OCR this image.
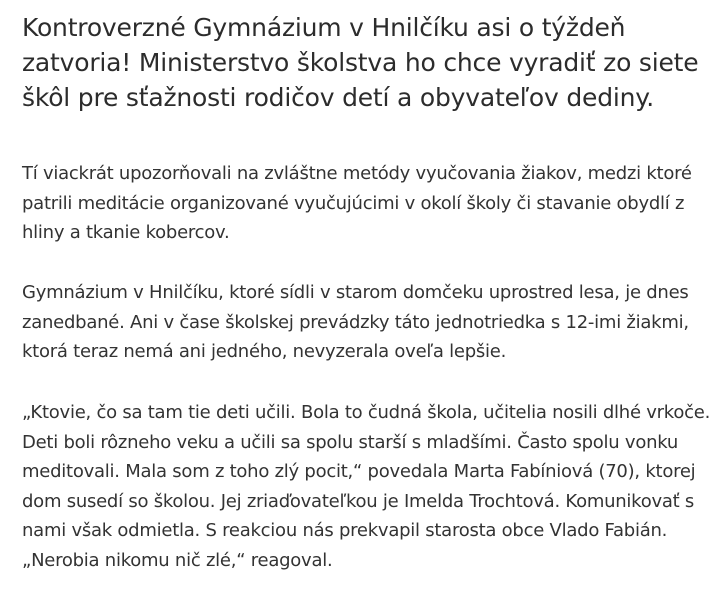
Kontroverzné Gymnázium v Hnilčíku asi o týždeň zatvoria! Ministerstvo školstva ho chce vyradiť zo siete škôl pre sťažnosti rodičov detí a obyvateľov dediny.

Tí viackrát upozorňovali na zvláštne metódy vyučovania žiakov, medzi ktoré patrili meditácie organizované vyučujúcimi v okolí školy či stavanie obydlí z hliny a tkanie kobercov.

Gymnázium v Hnilčíku, ktoré sídli v starom domčeku uprostred lesa, je dnes zanedbané. Ani v čase školskej prevádzky táto jednotriedka s 12-imi žiakmi, ktorá teraz nemá ani jedného, nevyzerala oveľa lepšie.

„Ktovie, čo sa tam tie deti učili. Bola to čudná škola, učitelia nosili dlhé vrkoče. Deti boli rôzneho veku a učili sa spolu starší s mladšími. Často spolu vonku meditovali. Mala som z toho zlý pocit,“ povedala Marta Fabíniová (70), ktorej dom susedí so školou. Jej zriaďovateľkou je Imelda Trochtová. Komunikovať s nami však odmietla. S reakciou nás prekvapil starosta obce Vlado Fabián. „Nerobia nikomu nič zlé,“ reagoval.
